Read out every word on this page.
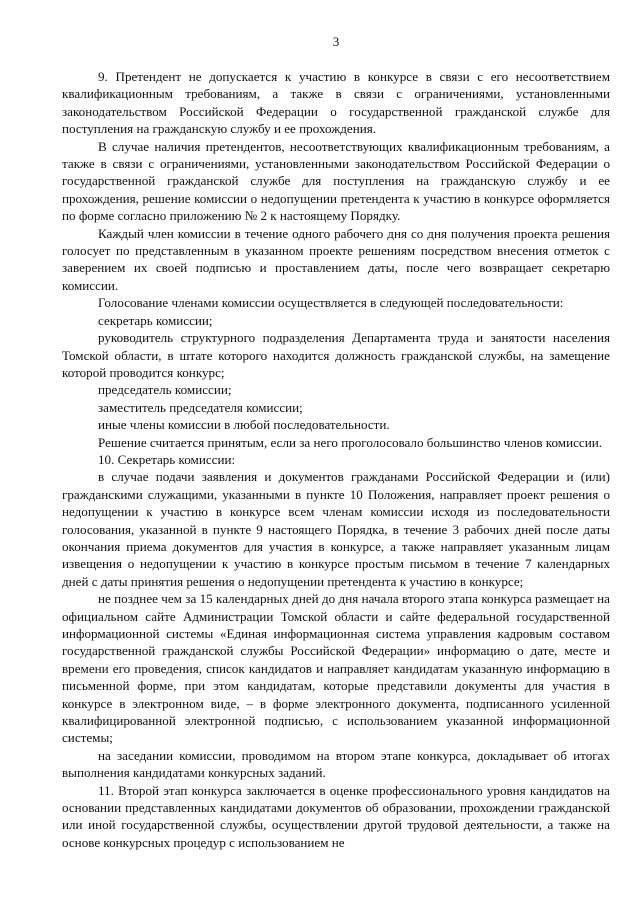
3

9. Претендент не допускается к участию в конкурсе в связи с его несоответствием квалификационным требованиям, а также в связи с ограничениями, установленными законодательством Российской Федерации о государственной гражданской службе для поступления на гражданскую службу и ее прохождения.

В случае наличия претендентов, несоответствующих квалификационным требованиям, а также в связи с ограничениями, установленными законодательством Российской Федерации о государственной гражданской службе для поступления на гражданскую службу и ее прохождения, решение комиссии о недопущении претендента к участию в конкурсе оформляется по форме согласно приложению № 2 к настоящему Порядку.

Каждый член комиссии в течение одного рабочего дня со дня получения проекта решения голосует по представленным в указанном проекте решениям посредством внесения отметок с заверением их своей подписью и проставлением даты, после чего возвращает секретарю комиссии.

Голосование членами комиссии осуществляется в следующей последовательности:

секретарь комиссии;

руководитель структурного подразделения Департамента труда и занятости населения Томской области, в штате которого находится должность гражданской службы, на замещение которой проводится конкурс;

председатель комиссии;

заместитель председателя комиссии;

иные члены комиссии в любой последовательности.

Решение считается принятым, если за него проголосовало большинство членов комиссии.

10. Секретарь комиссии:

в случае подачи заявления и документов гражданами Российской Федерации и (или) гражданскими служащими, указанными в пункте 10 Положения, направляет проект решения о недопущении к участию в конкурсе всем членам комиссии исходя из последовательности голосования, указанной в пункте 9 настоящего Порядка, в течение 3 рабочих дней после даты окончания приема документов для участия в конкурсе, а также направляет указанным лицам извещения о недопущении к участию в конкурсе простым письмом в течение 7 календарных дней с даты принятия решения о недопущении претендента к участию в конкурсе;

не позднее чем за 15 календарных дней до дня начала второго этапа конкурса размещает на официальном сайте Администрации Томской области и сайте федеральной государственной информационной системы «Единая информационная система управления кадровым составом государственной гражданской службы Российской Федерации» информацию о дате, месте и времени его проведения, список кандидатов и направляет кандидатам указанную информацию в письменной форме, при этом кандидатам, которые представили документы для участия в конкурсе в электронном виде, – в форме электронного документа, подписанного усиленной квалифицированной электронной подписью, с использованием указанной информационной системы;

на заседании комиссии, проводимом на втором этапе конкурса, докладывает об итогах выполнения кандидатами конкурсных заданий.

11. Второй этап конкурса заключается в оценке профессионального уровня кандидатов на основании представленных кандидатами документов об образовании, прохождении гражданской или иной государственной службы, осуществлении другой трудовой деятельности, а также на основе конкурсных процедур с использованием не
